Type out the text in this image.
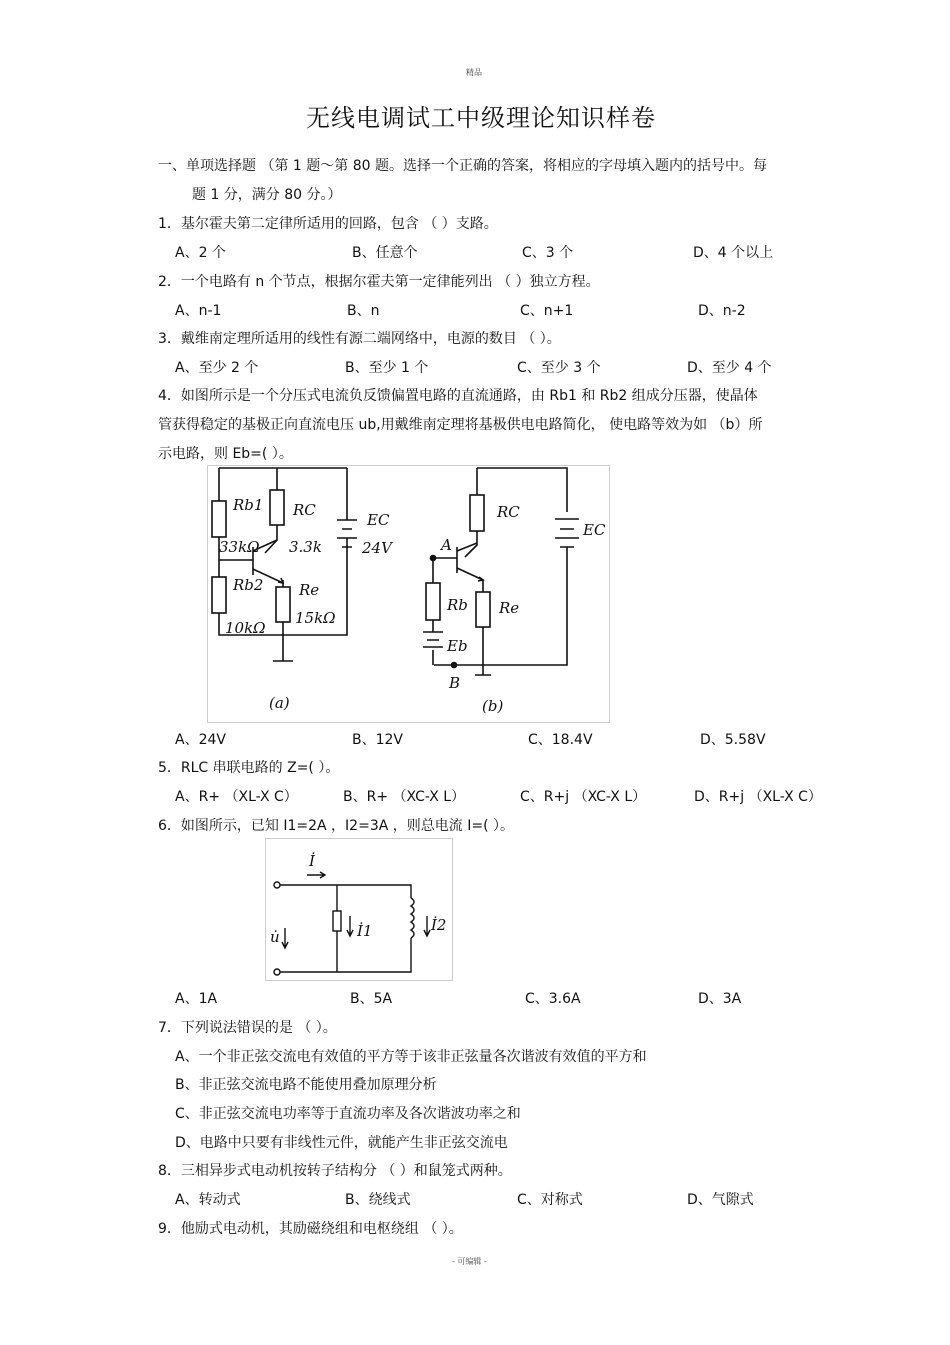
精品
无线电调试工中级理论知识样卷
一、单项选择题 （第 1 题～第 80 题。选择一个正确的答案，将相应的字母填入题内的括号中。每
题 1 分，满分 80 分。）
1．基尔霍夫第二定律所适用的回路，包含 （ ）支路。
A、2 个	B、任意个	C、3 个	D、4 个以上
2．一个电路有 n 个节点，根据尔霍夫第一定律能列出 （ ）独立方程。
A、n-1	B、n	C、n+1	D、n-2
3．戴维南定理所适用的线性有源二端网络中，电源的数目 （ ）。
A、至少 2 个	B、至少 1 个	C、至少 3 个	D、至少 4 个
4．如图所示是一个分压式电流负反馈偏置电路的直流通路，由 Rb1 和 Rb2 组成分压器，使晶体
管获得稳定的基极正向直流电压 ub,用戴维南定理将基极供电电路简化， 使电路等效为如 （b）所
示电路，则 Eb=( ）。
Rb1 RC
EC
33kΩ 3.3k	24V
Rb2 Re
10kΩ
15kΩ
(a)
RC
EC
A
Rb Re
Eb
B
(b)
A、24V	B、12V	C、18.4V	D、5.58V
5．RLC 串联电路的 Z=( ）。
A、R+ （XL-X C）	B、R+ （XC-X L）	C、R+j （XC-X L）	D、R+j （XL-X C）
6．如图所示，已知 I1=2A ，I2=3A ，则总电流 I=( ）。
İ
u̇	İ1	İ2
A、1A	B、5A	C、3.6A	D、3A
7．下列说法错误的是 （ ）。
A、一个非正弦交流电有效值的平方等于该非正弦量各次谐波有效值的平方和
B、非正弦交流电路不能使用叠加原理分析
C、非正弦交流电功率等于直流功率及各次谐波功率之和
D、电路中只要有非线性元件，就能产生非正弦交流电
8．三相异步式电动机按转子结构分 （ ）和鼠笼式两种。
A、转动式	B、绕线式	C、对称式	D、气隙式
9．他励式电动机，其励磁绕组和电枢绕组 （ ）。
- 可编辑 -
